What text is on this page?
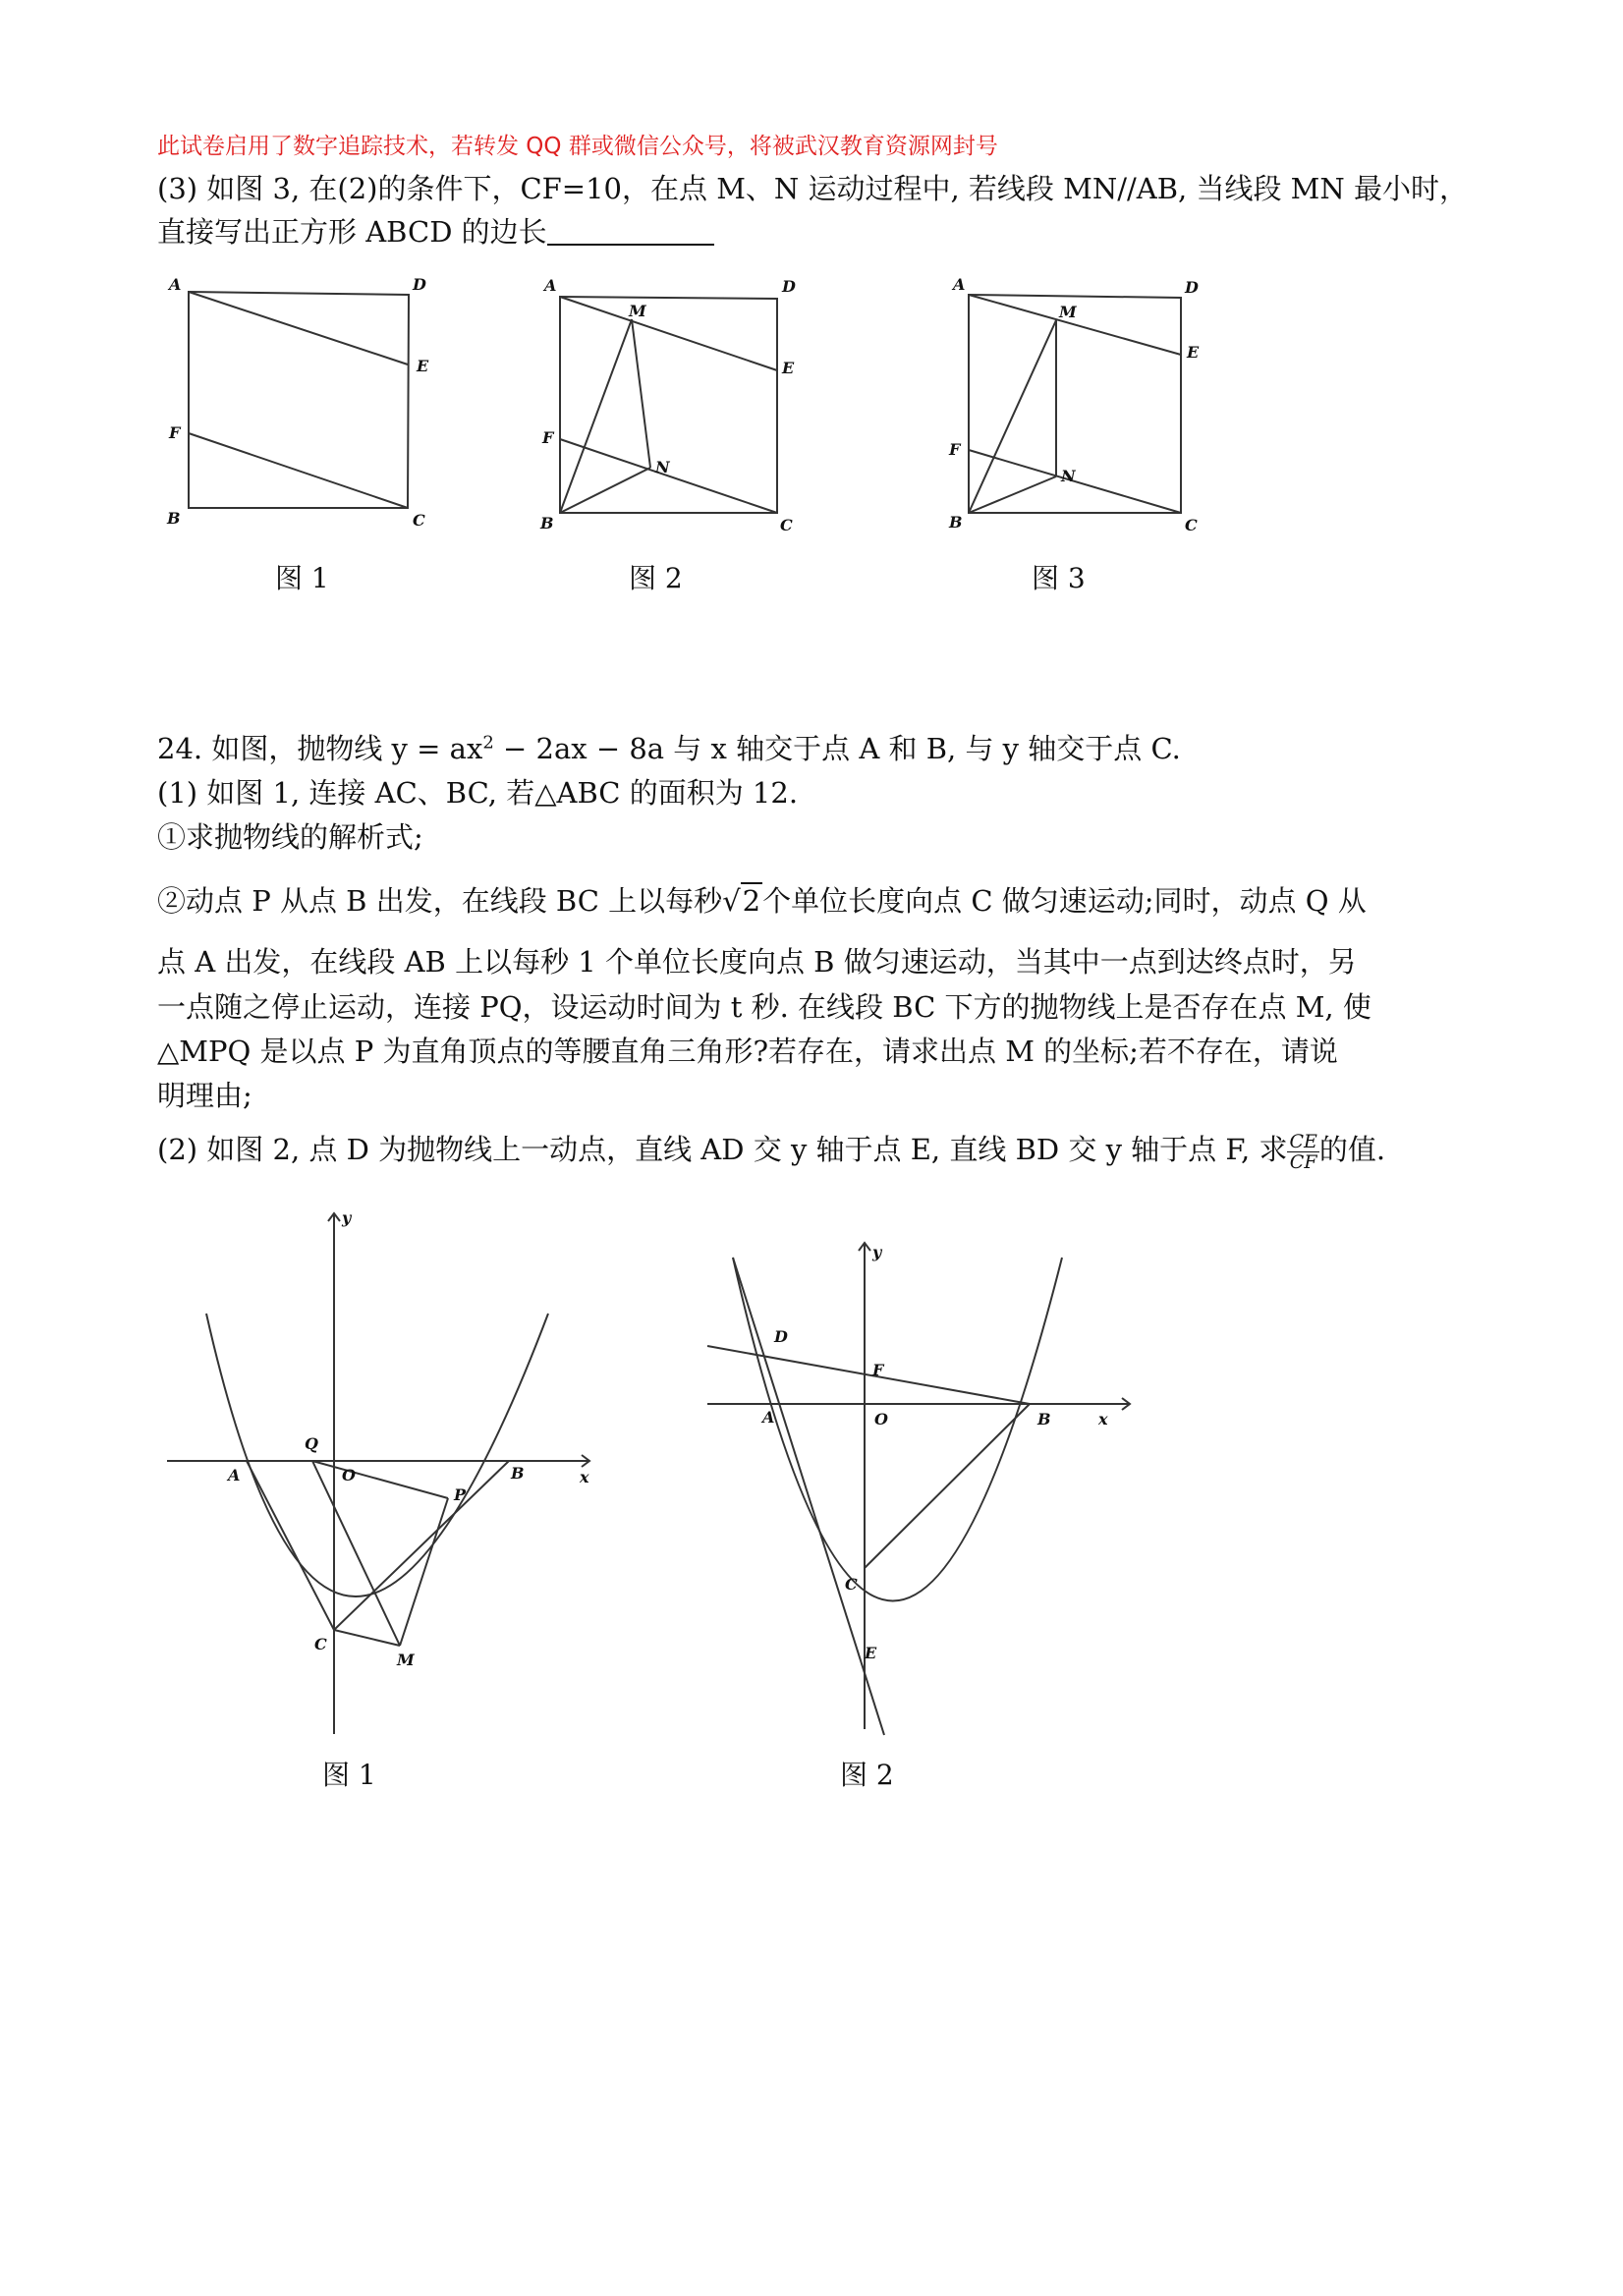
此试卷启用了数字追踪技术，若转发 QQ 群或微信公众号，将被武汉教育资源网封号
(3) 如图 3, 在(2)的条件下，CF=10，在点 M、N 运动过程中, 若线段 MN//AB, 当线段 MN 最小时，
直接写出正方形 ABCD 的边长
A	D
E
F
B	C
图 1
A	D
M
E
F
N
B	C
图 2
A	D
M
E
F
N
B	C
图 3
24. 如图，抛物线 $y = ax^2 - 2ax - 8a$ 与 x 轴交于点 A 和 B, 与 y 轴交于点 C.
(1) 如图 1, 连接 AC、BC, 若△ABC 的面积为 12.
①求抛物线的解析式;
②动点 P 从点 B 出发，在线段 BC 上以每秒√2个单位长度向点 C 做匀速运动;同时，动点 Q 从
点 A 出发，在线段 AB 上以每秒 1 个单位长度向点 B 做匀速运动，当其中一点到达终点时，另
一点随之停止运动，连接 PQ，设运动时间为 t 秒. 在线段 BC 下方的抛物线上是否存在点 M, 使
△MPQ 是以点 P 为直角顶点的等腰直角三角形?若存在，请求出点 M 的坐标;若不存在，请说
明理由;
(2) 如图 2, 点 D 为抛物线上一动点，直线 AD 交 y 轴于点 E, 直线 BD 交 y 轴于点 F, 求 $\frac{CE}{CF}$ 的值.
y
Q
O
A	B	x
P
C
M
图 1
y
D
F
A	O	B	x
C
E
图 2
